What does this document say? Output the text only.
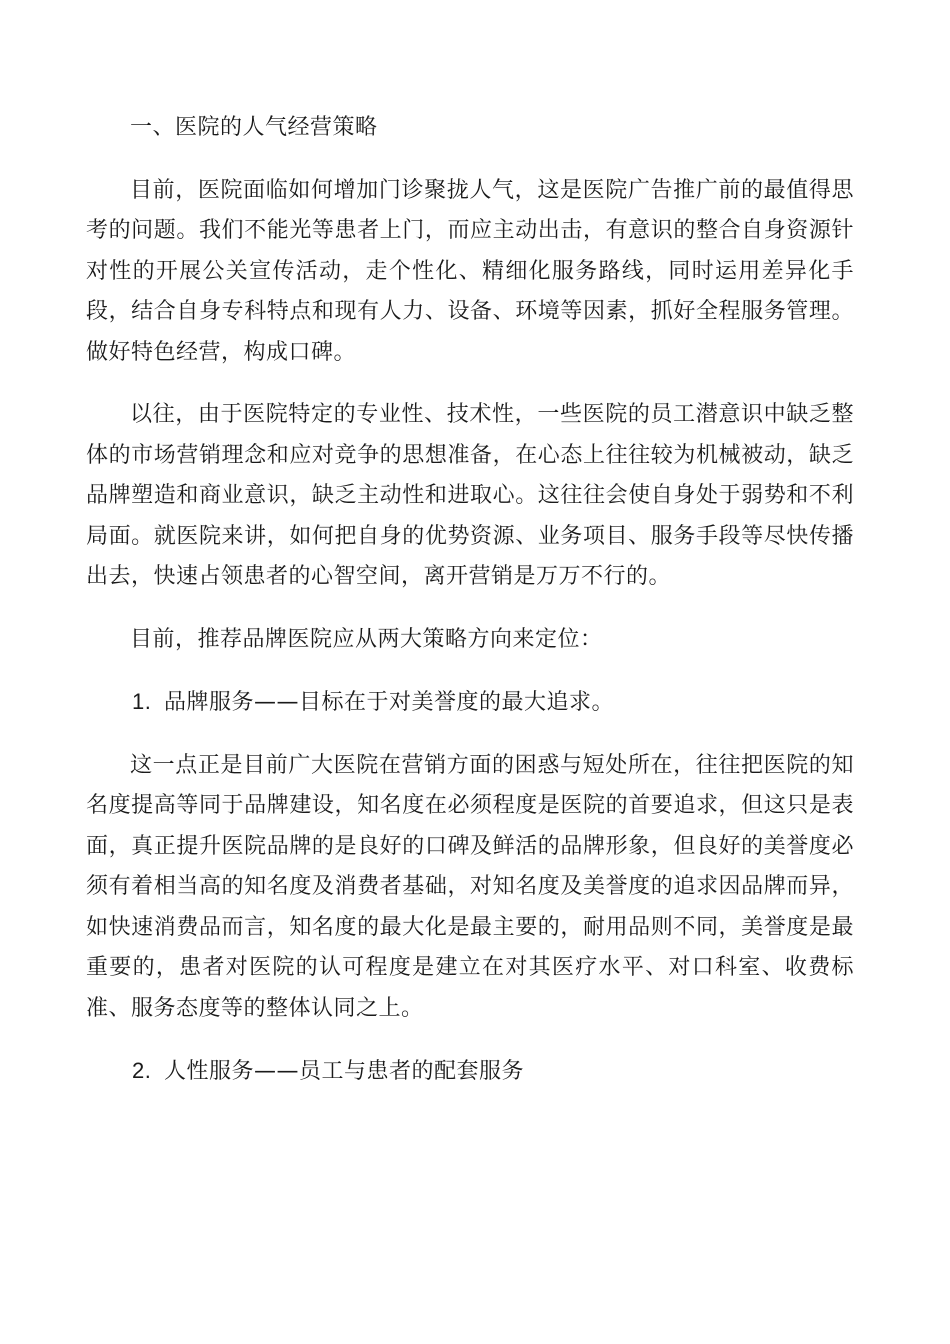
一、医院的人气经营策略

目前，医院面临如何增加门诊聚拢人气，这是医院广告推广前的最值得思考的问题。我们不能光等患者上门，而应主动出击，有意识的整合自身资源针对性的开展公关宣传活动，走个性化、精细化服务路线，同时运用差异化手段，结合自身专科特点和现有人力、设备、环境等因素，抓好全程服务管理。做好特色经营，构成口碑。

以往，由于医院特定的专业性、技术性，一些医院的员工潜意识中缺乏整体的市场营销理念和应对竞争的思想准备，在心态上往往较为机械被动，缺乏品牌塑造和商业意识，缺乏主动性和进取心。这往往会使自身处于弱势和不利局面。就医院来讲，如何把自身的优势资源、业务项目、服务手段等尽快传播出去，快速占领患者的心智空间，离开营销是万万不行的。

目前，推荐品牌医院应从两大策略方向来定位：

1. 品牌服务——目标在于对美誉度的最大追求。

这一点正是目前广大医院在营销方面的困惑与短处所在，往往把医院的知名度提高等同于品牌建设，知名度在必须程度是医院的首要追求，但这只是表面，真正提升医院品牌的是良好的口碑及鲜活的品牌形象，但良好的美誉度必须有着相当高的知名度及消费者基础，对知名度及美誉度的追求因品牌而异，如快速消费品而言，知名度的最大化是最主要的，耐用品则不同，美誉度是最重要的，患者对医院的认可程度是建立在对其医疗水平、对口科室、收费标准、服务态度等的整体认同之上。

2. 人性服务——员工与患者的配套服务
